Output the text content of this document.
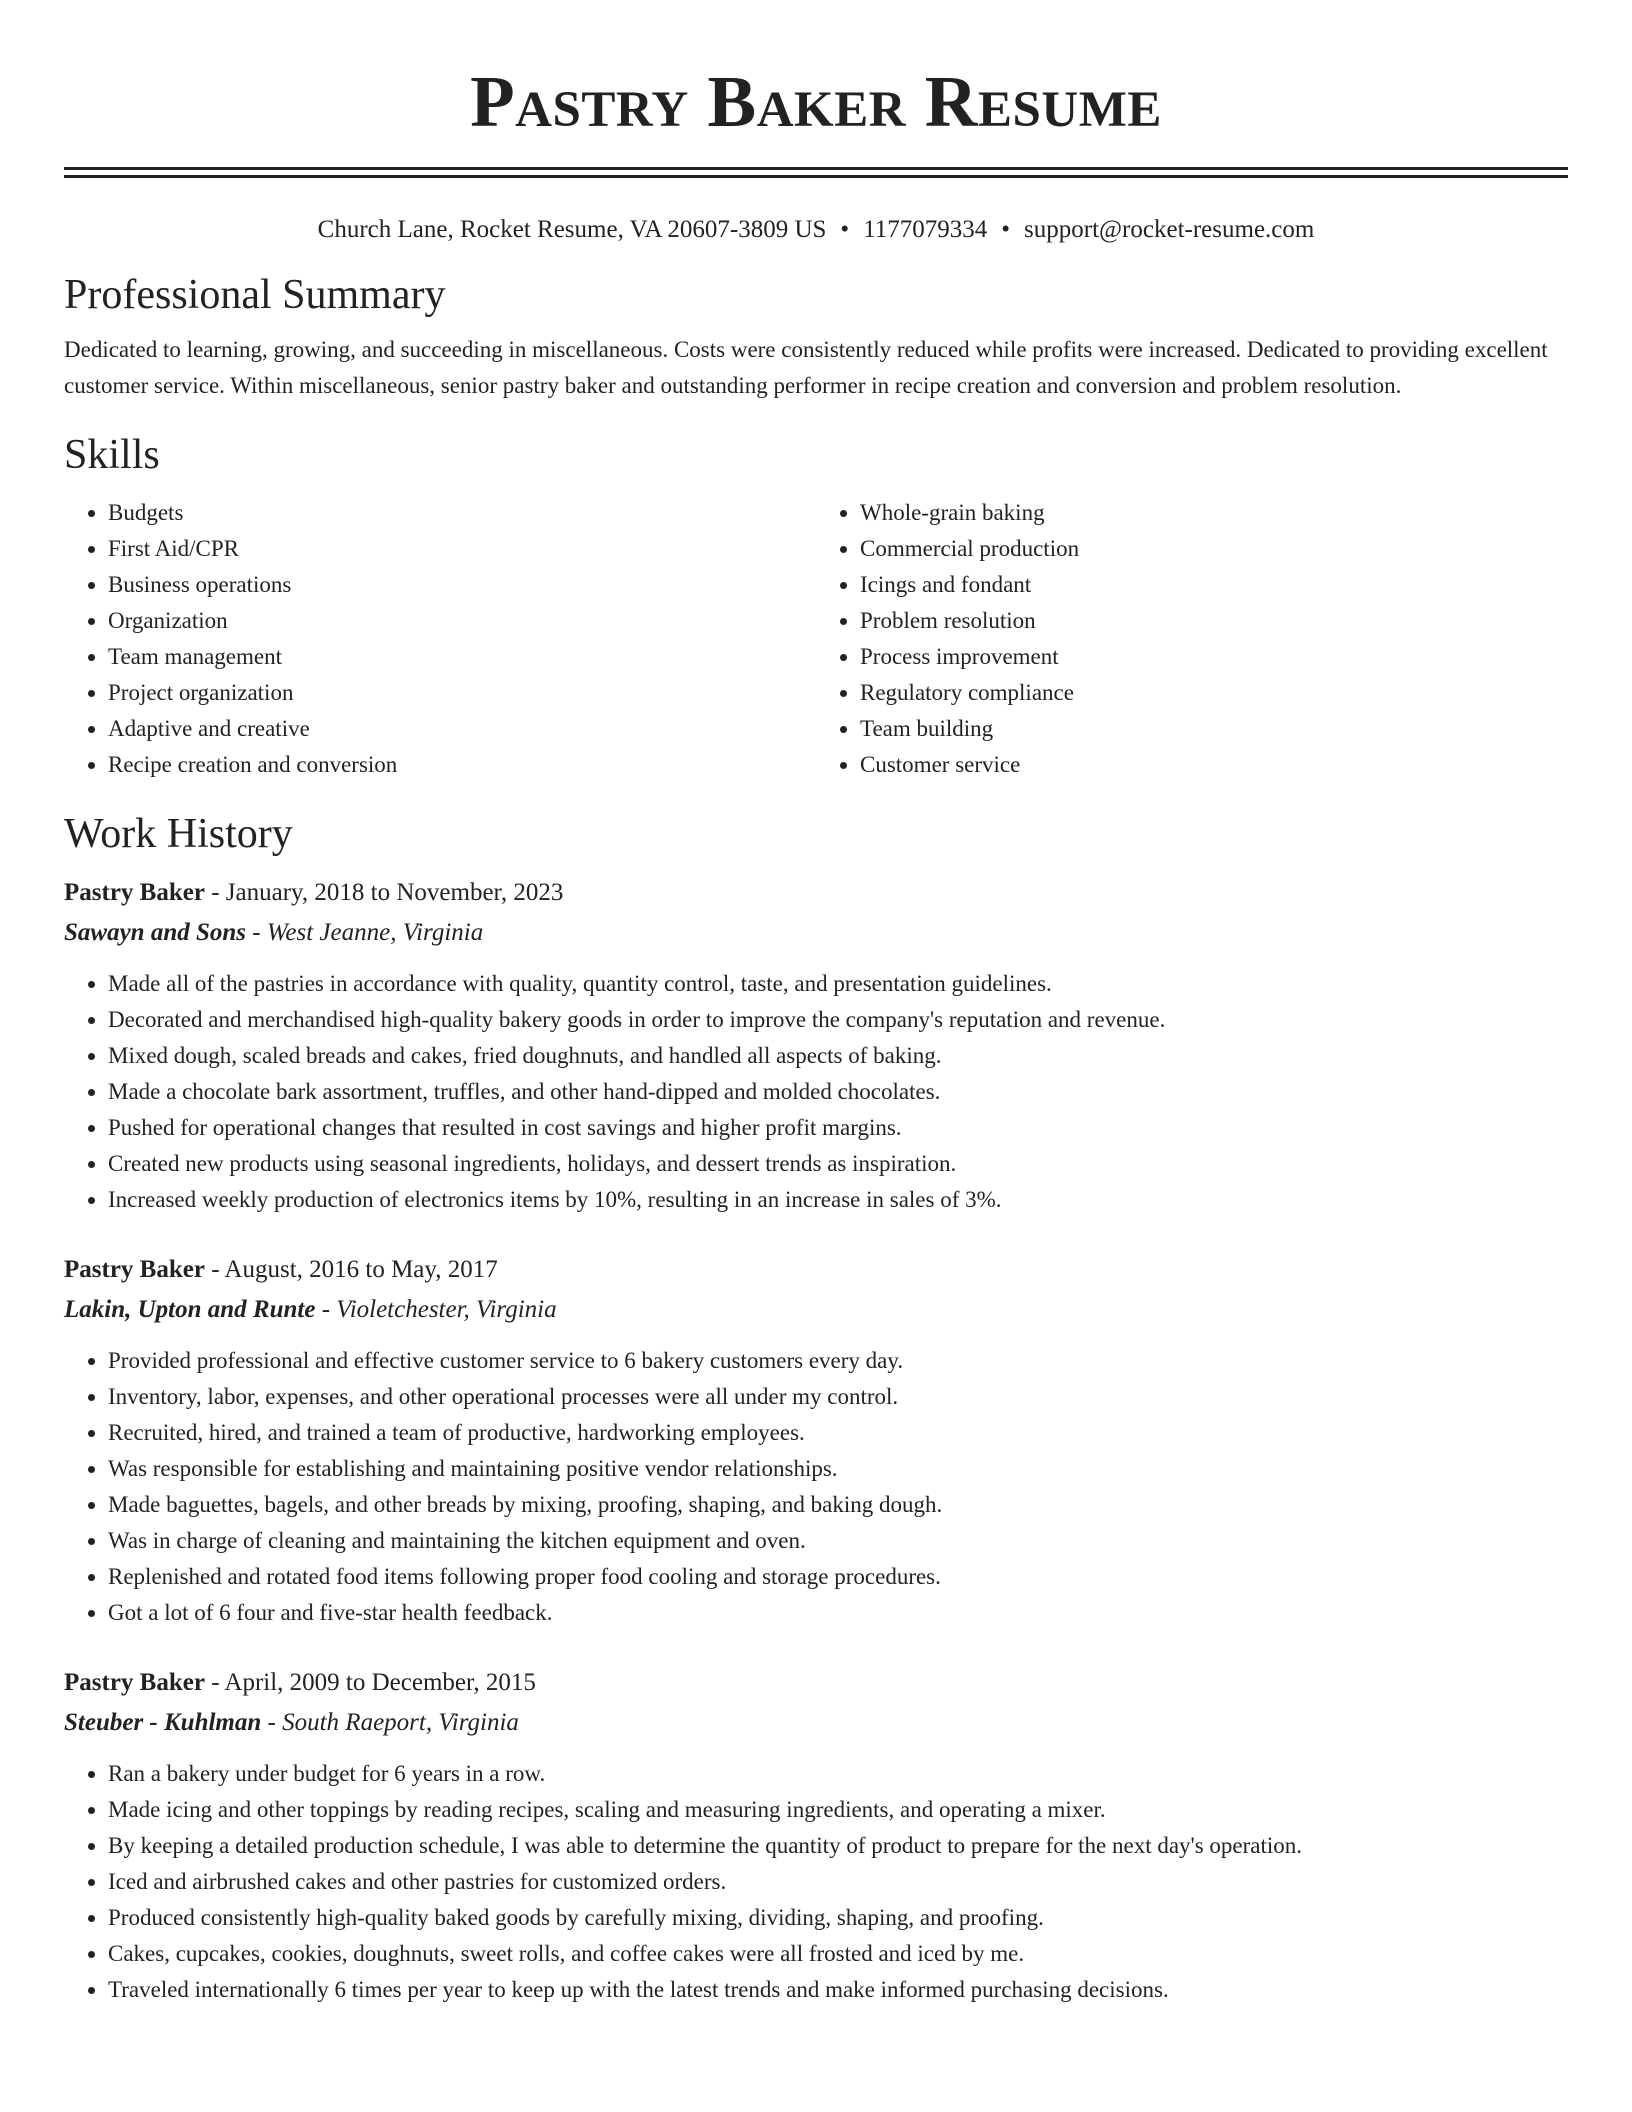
Pastry Baker Resume
Church Lane, Rocket Resume, VA 20607-3809 US • 1177079334 • support@rocket-resume.com
Professional Summary

Dedicated to learning, growing, and succeeding in miscellaneous. Costs were consistently reduced while profits were increased. Dedicated to providing excellent customer service. Within miscellaneous, senior pastry baker and outstanding performer in recipe creation and conversion and problem resolution.

Skills
• Budgets
• First Aid/CPR
• Business operations
• Organization
• Team management
• Project organization
• Adaptive and creative
• Recipe creation and conversion
• Whole-grain baking
• Commercial production
• Icings and fondant
• Problem resolution
• Process improvement
• Regulatory compliance
• Team building
• Customer service
Work History
Pastry Baker - January, 2018 to November, 2023
Sawayn and Sons - West Jeanne, Virginia
• Made all of the pastries in accordance with quality, quantity control, taste, and presentation guidelines.
• Decorated and merchandised high-quality bakery goods in order to improve the company's reputation and revenue.
• Mixed dough, scaled breads and cakes, fried doughnuts, and handled all aspects of baking.
• Made a chocolate bark assortment, truffles, and other hand-dipped and molded chocolates.
• Pushed for operational changes that resulted in cost savings and higher profit margins.
• Created new products using seasonal ingredients, holidays, and dessert trends as inspiration.
• Increased weekly production of electronics items by 10%, resulting in an increase in sales of 3%.
Pastry Baker - August, 2016 to May, 2017
Lakin, Upton and Runte - Violetchester, Virginia
• Provided professional and effective customer service to 6 bakery customers every day.
• Inventory, labor, expenses, and other operational processes were all under my control.
• Recruited, hired, and trained a team of productive, hardworking employees.
• Was responsible for establishing and maintaining positive vendor relationships.
• Made baguettes, bagels, and other breads by mixing, proofing, shaping, and baking dough.
• Was in charge of cleaning and maintaining the kitchen equipment and oven.
• Replenished and rotated food items following proper food cooling and storage procedures.
• Got a lot of 6 four and five-star health feedback.
Pastry Baker - April, 2009 to December, 2015
Steuber - Kuhlman - South Raeport, Virginia
• Ran a bakery under budget for 6 years in a row.
• Made icing and other toppings by reading recipes, scaling and measuring ingredients, and operating a mixer.
• By keeping a detailed production schedule, I was able to determine the quantity of product to prepare for the next day's operation.
• Iced and airbrushed cakes and other pastries for customized orders.
• Produced consistently high-quality baked goods by carefully mixing, dividing, shaping, and proofing.
• Cakes, cupcakes, cookies, doughnuts, sweet rolls, and coffee cakes were all frosted and iced by me.
• Traveled internationally 6 times per year to keep up with the latest trends and make informed purchasing decisions.
